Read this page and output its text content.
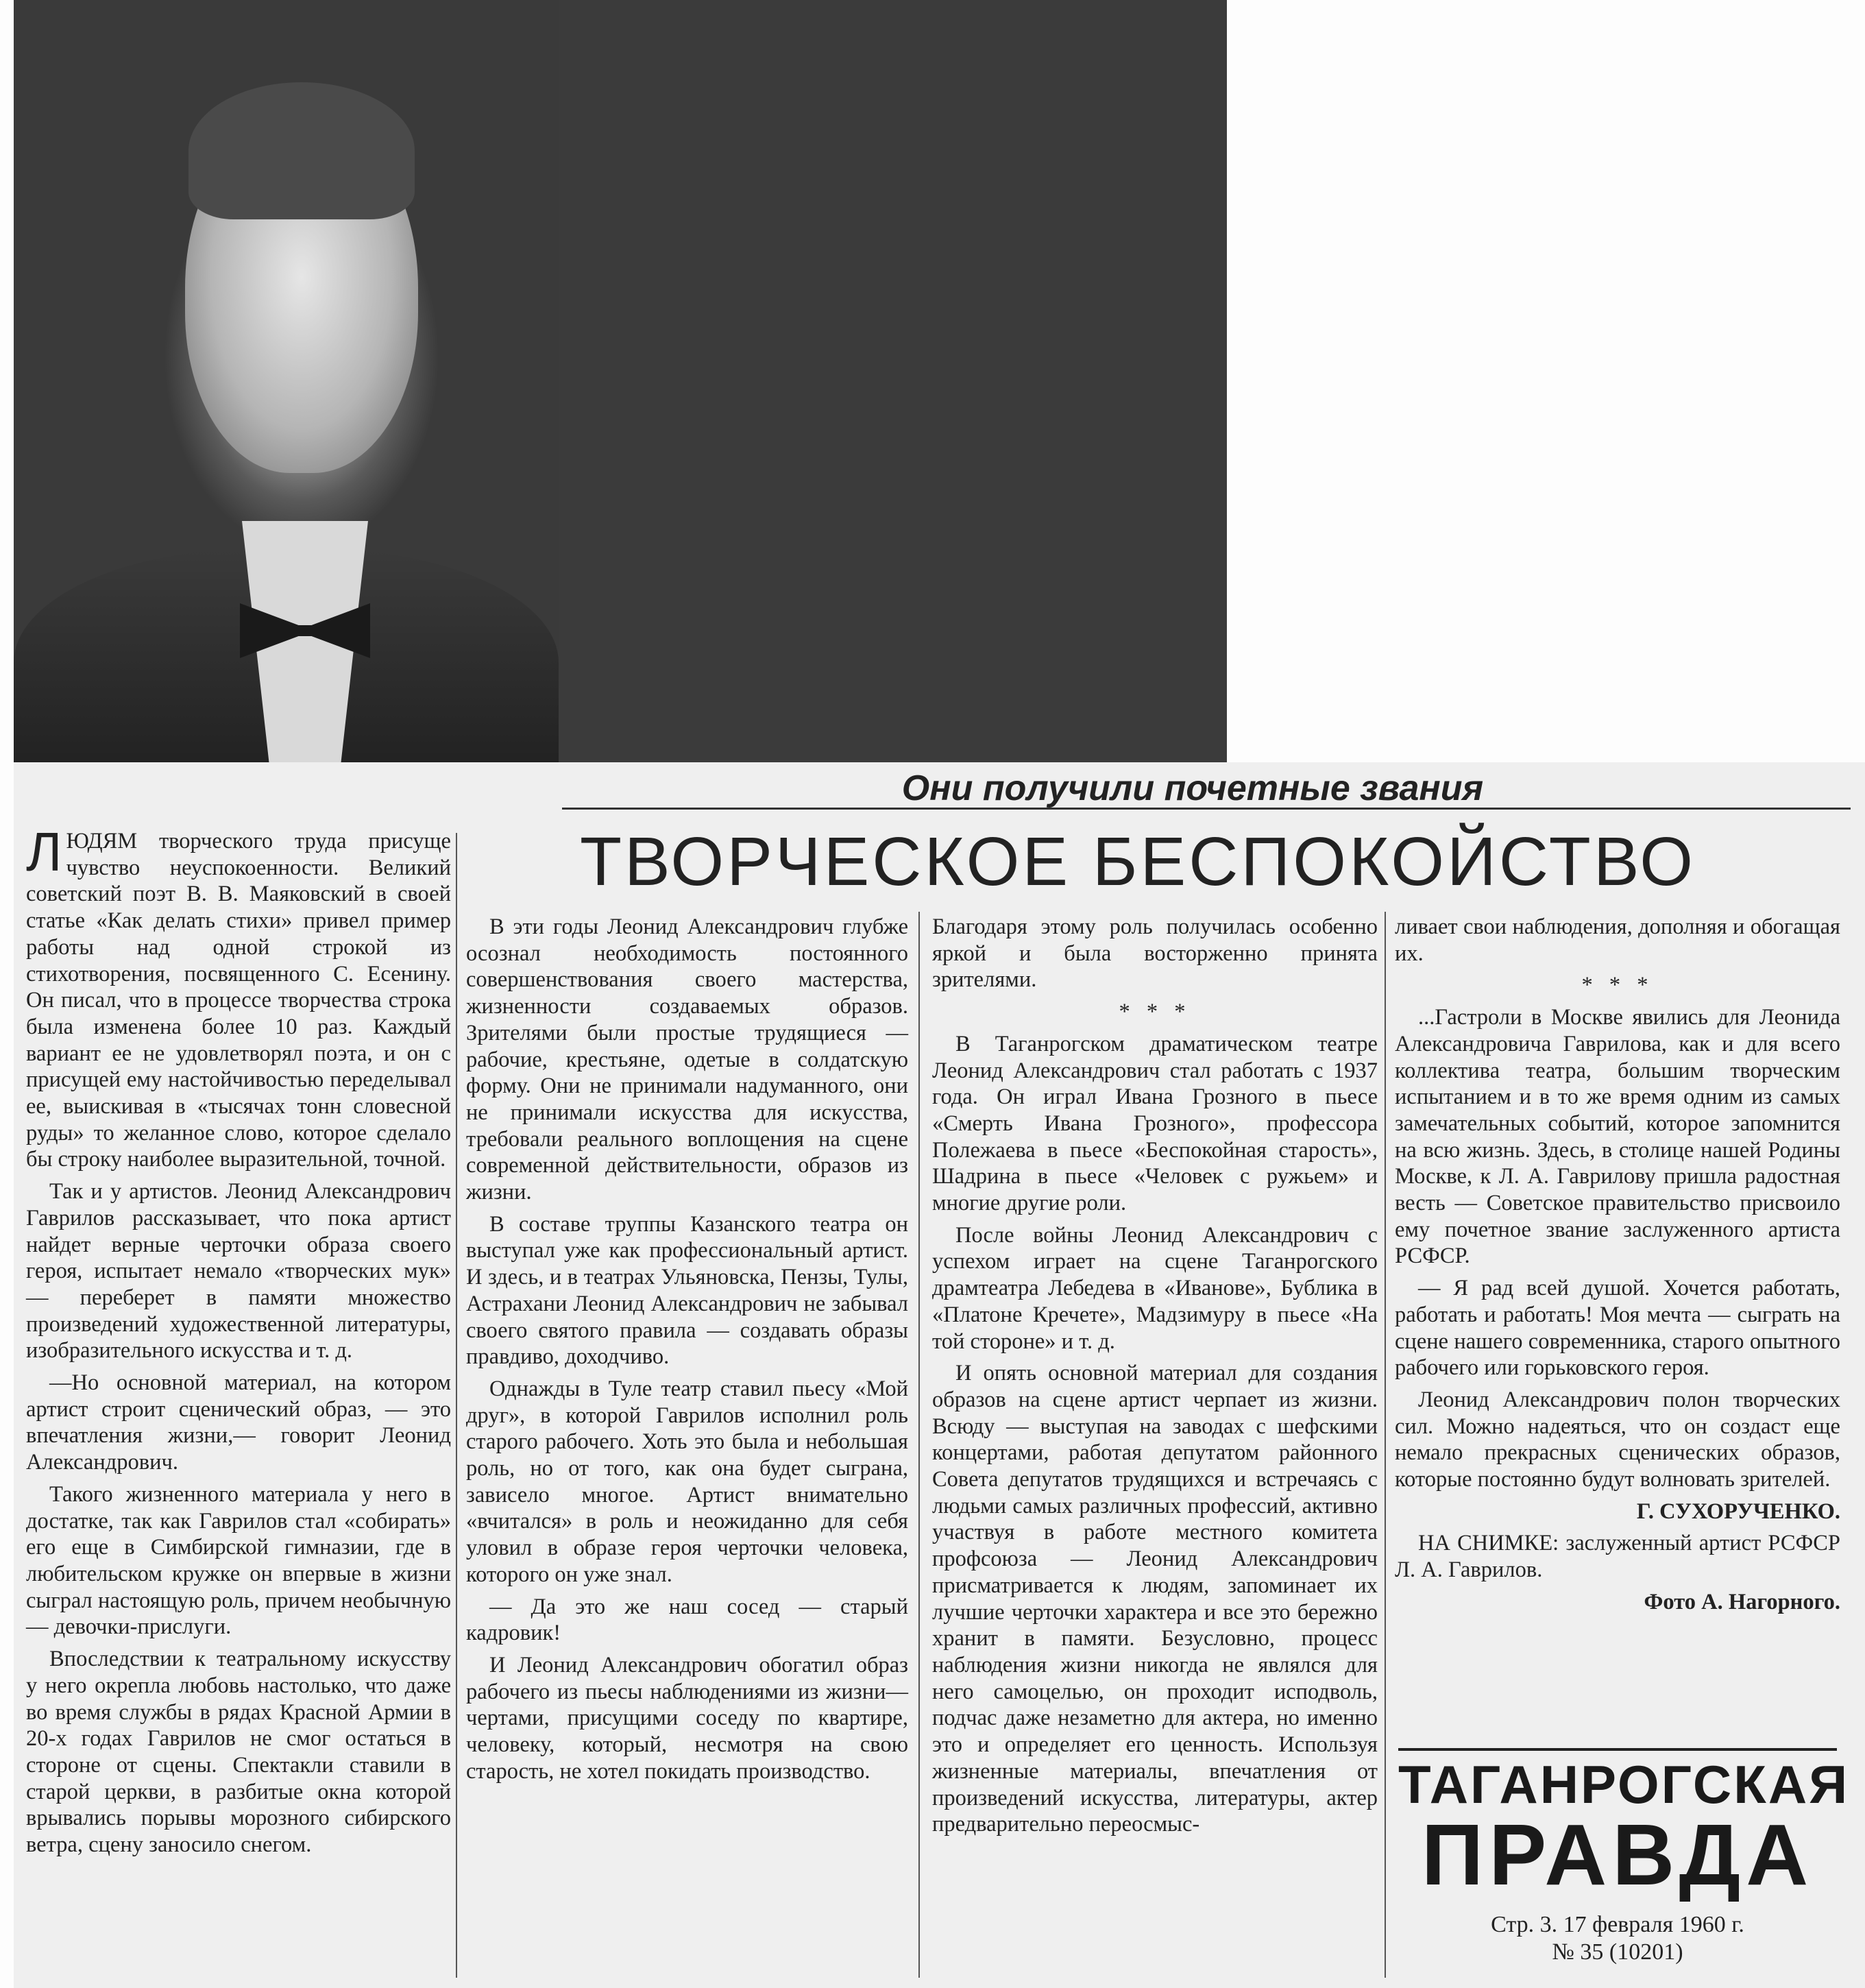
Они получили почетные звания
ТВОРЧЕСКОЕ БЕСПОКОЙСТВО

ЛЮДЯМ творческого труда присуще чувство неуспокоенности. Великий советский поэт В. В. Маяковский в своей статье «Как делать стихи» привел пример работы над одной строкой из стихотворения, посвященного С. Есенину. Он писал, что в процессе творчества строка была изменена более 10 раз. Каждый вариант ее не удовлетворял поэта, и он с присущей ему настойчивостью переделывал ее, выискивая в «тысячах тонн словесной руды» то желанное слово, которое сделало бы строку наиболее выразительной, точной.

Так и у артистов. Леонид Александрович Гаврилов рассказывает, что пока артист найдет верные черточки образа своего героя, испытает немало «творческих мук» — переберет в памяти множество произведений художественной литературы, изобразительного искусства и т. д.

—Но основной материал, на котором артист строит сценический образ, — это впечатления жизни,— говорит Леонид Александрович.

Такого жизненного материала у него в достатке, так как Гаврилов стал «собирать» его еще в Симбирской гимназии, где в любительском кружке он впервые в жизни сыграл настоящую роль, причем необычную — девочки-прислуги.

Впоследствии к театральному искусству у него окрепла любовь настолько, что даже во время службы в рядах Красной Армии в 20-х годах Гаврилов не смог остаться в стороне от сцены. Спектакли ставили в старой церкви, в разбитые окна которой врывались порывы морозного сибирского ветра, сцену заносило снегом.

В эти годы Леонид Александрович глубже осознал необходимость постоянного совершенствования своего мастерства, жизненности создаваемых образов. Зрителями были простые трудящиеся — рабочие, крестьяне, одетые в солдатскую форму. Они не принимали надуманного, они не принимали искусства для искусства, требовали реального воплощения на сцене современной действительности, образов из жизни.

В составе труппы Казанского театра он выступал уже как профессиональный артист. И здесь, и в театрах Ульяновска, Пензы, Тулы, Астрахани Леонид Александрович не забывал своего святого правила — создавать образы правдиво, доходчиво.

Однажды в Туле театр ставил пьесу «Мой друг», в которой Гаврилов исполнил роль старого рабочего. Хоть это была и небольшая роль, но от того, как она будет сыграна, зависело многое. Артист внимательно «вчитался» в роль и неожиданно для себя уловил в образе героя черточки человека, которого он уже знал.

— Да это же наш сосед — старый кадровик!

И Леонид Александрович обогатил образ рабочего из пьесы наблюдениями из жизни—чертами, присущими соседу по квартире, человеку, который, несмотря на свою старость, не хотел покидать производство.

Благодаря этому роль получилась особенно яркой и была восторженно принята зрителями.

* * *

В Таганрогском драматическом театре Леонид Александрович стал работать с 1937 года. Он играл Ивана Грозного в пьесе «Смерть Ивана Грозного», профессора Полежаева в пьесе «Беспокойная старость», Шадрина в пьесе «Человек с ружьем» и многие другие роли.

После войны Леонид Александрович с успехом играет на сцене Таганрогского драмтеатра Лебедева в «Иванове», Бублика в «Платоне Кречете», Мадзимуру в пьесе «На той стороне» и т. д.

И опять основной материал для создания образов на сцене артист черпает из жизни. Всюду — выступая на заводах с шефскими концертами, работая депутатом районного Совета депутатов трудящихся и встречаясь с людьми самых различных профессий, активно участвуя в работе местного комитета профсоюза — Леонид Александрович присматривается к людям, запоминает их лучшие черточки характера и все это бережно хранит в памяти. Безусловно, процесс наблюдения жизни никогда не являлся для него самоцелью, он проходит исподволь, подчас даже незаметно для актера, но именно это и определяет его ценность. Используя жизненные материалы, впечатления от произведений искусства, литературы, актер предварительно переосмыс-

ливает свои наблюдения, дополняя и обогащая их.

* * *

...Гастроли в Москве явились для Леонида Александровича Гаврилова, как и для всего коллектива театра, большим творческим испытанием и в то же время одним из самых замечательных событий, которое запомнится на всю жизнь. Здесь, в столице нашей Родины Москве, к Л. А. Гаврилову пришла радостная весть — Советское правительство присвоило ему почетное звание заслуженного артиста РСФСР.

— Я рад всей душой. Хочется работать, работать и работать! Моя мечта — сыграть на сцене нашего современника, старого опытного рабочего или горьковского героя.

Леонид Александрович полон творческих сил. Можно надеяться, что он создаст еще немало прекрасных сценических образов, которые постоянно будут волновать зрителей.

Г. СУХОРУЧЕНКО.

НА СНИМКЕ: заслуженный артист РСФСР Л. А. Гаврилов.

Фото А. Нагорного.

ТАГАНРОГСКАЯ
ПРАВДА
Стр. 3. 17 февраля 1960 г.
№ 35 (10201)
